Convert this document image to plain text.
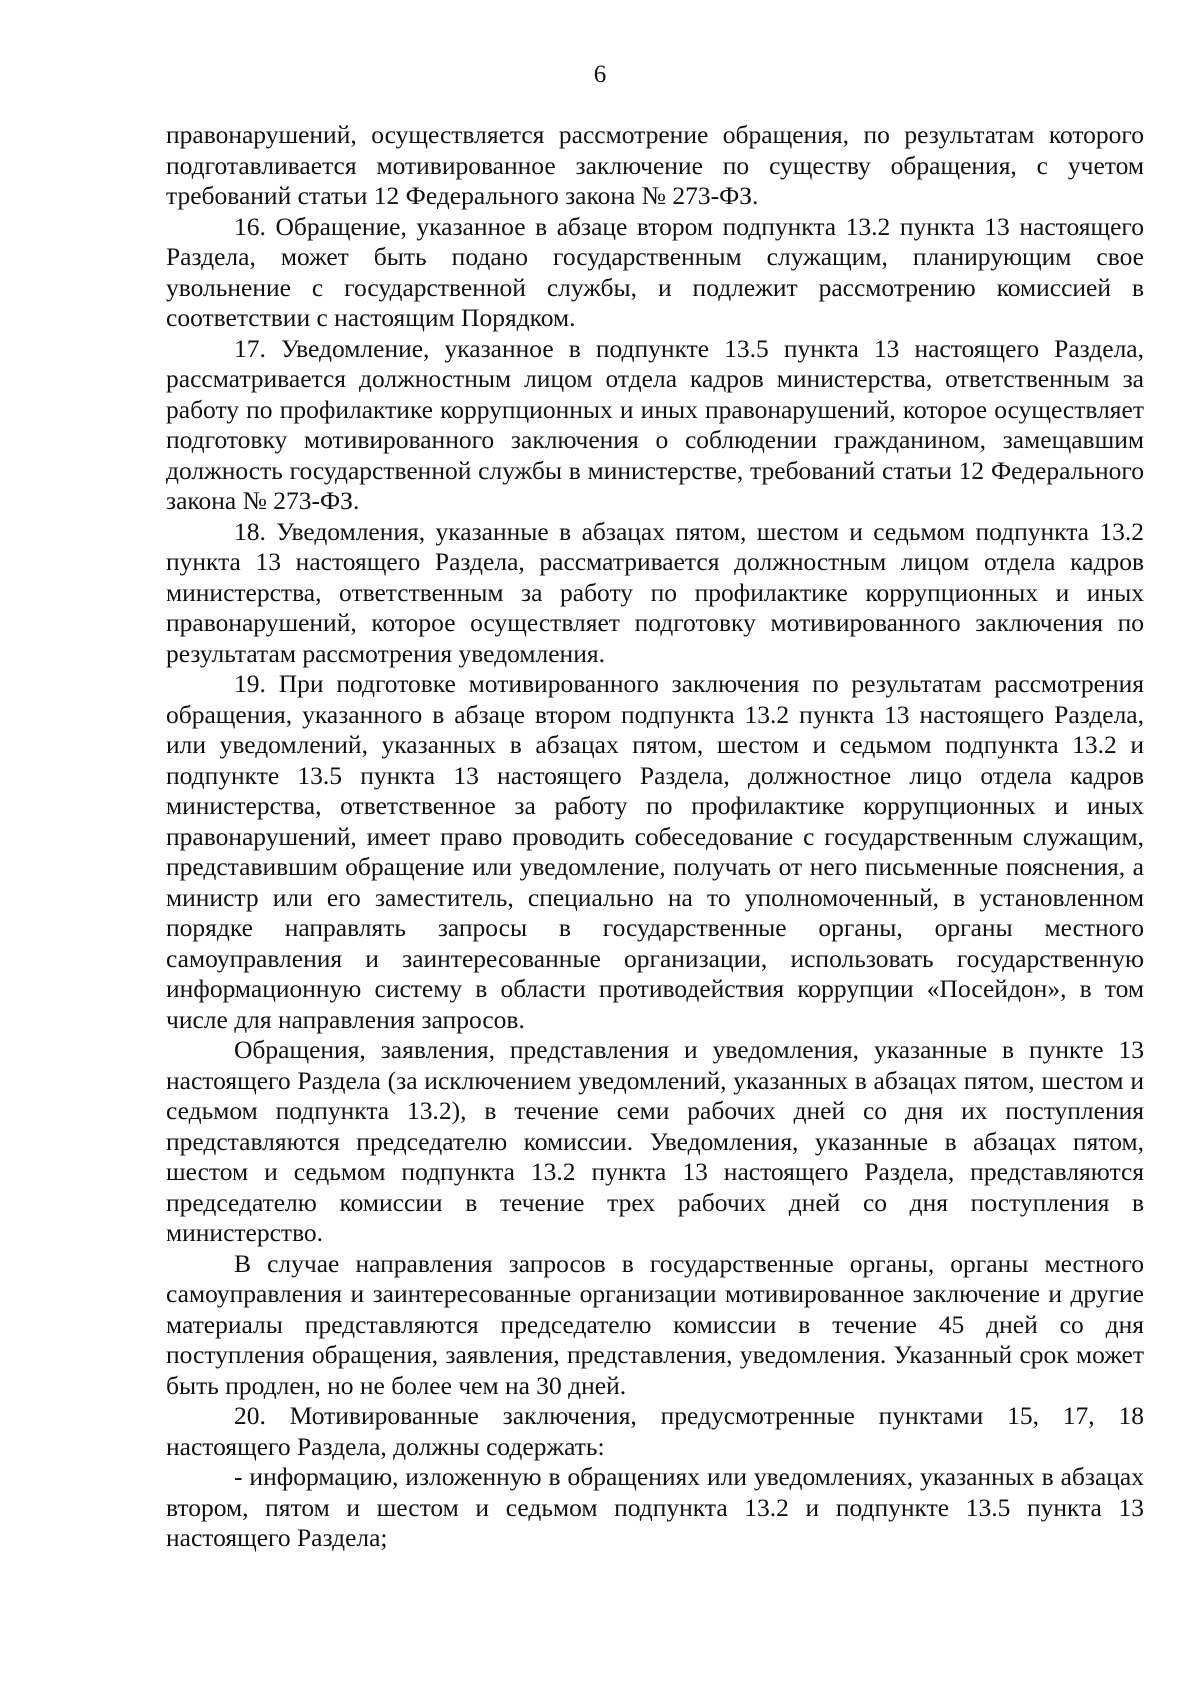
6

правонарушений, осуществляется рассмотрение обращения, по результатам которого подготавливается мотивированное заключение по существу обращения, с учетом требований статьи 12 Федерального закона № 273-ФЗ.

16. Обращение, указанное в абзаце втором подпункта 13.2 пункта 13 настоящего Раздела, может быть подано государственным служащим, планирующим свое увольнение с государственной службы, и подлежит рассмотрению комиссией в соответствии с настоящим Порядком.

17. Уведомление, указанное в подпункте 13.5 пункта 13 настоящего Раздела, рассматривается должностным лицом отдела кадров министерства, ответственным за работу по профилактике коррупционных и иных правонарушений, которое осуществляет подготовку мотивированного заключения о соблюдении гражданином, замещавшим должность государственной службы в министерстве, требований статьи 12 Федерального закона № 273-ФЗ.

18. Уведомления, указанные в абзацах пятом, шестом и седьмом подпункта 13.2 пункта 13 настоящего Раздела, рассматривается должностным лицом отдела кадров министерства, ответственным за работу по профилактике коррупционных и иных правонарушений, которое осуществляет подготовку мотивированного заключения по результатам рассмотрения уведомления.

19. При подготовке мотивированного заключения по результатам рассмотрения обращения, указанного в абзаце втором подпункта 13.2 пункта 13 настоящего Раздела, или уведомлений, указанных в абзацах пятом, шестом и седьмом подпункта 13.2 и подпункте 13.5 пункта 13 настоящего Раздела, должностное лицо отдела кадров министерства, ответственное за работу по профилактике коррупционных и иных правонарушений, имеет право проводить собеседование с государственным служащим, представившим обращение или уведомление, получать от него письменные пояснения, а министр или его заместитель, специально на то уполномоченный, в установленном порядке направлять запросы в государственные органы, органы местного самоуправления и заинтересованные организации, использовать государственную информационную систему в области противодействия коррупции «Посейдон», в том числе для направления запросов.

Обращения, заявления, представления и уведомления, указанные в пункте 13 настоящего Раздела (за исключением уведомлений, указанных в абзацах пятом, шестом и седьмом подпункта 13.2), в течение семи рабочих дней со дня их поступления представляются председателю комиссии. Уведомления, указанные в абзацах пятом, шестом и седьмом подпункта 13.2 пункта 13 настоящего Раздела, представляются председателю комиссии в течение трех рабочих дней со дня поступления в министерство.

В случае направления запросов в государственные органы, органы местного самоуправления и заинтересованные организации мотивированное заключение и другие материалы представляются председателю комиссии в течение 45 дней со дня поступления обращения, заявления, представления, уведомления. Указанный срок может быть продлен, но не более чем на 30 дней.

20. Мотивированные заключения, предусмотренные пунктами 15, 17, 18 настоящего Раздела, должны содержать:

- информацию, изложенную в обращениях или уведомлениях, указанных в абзацах втором, пятом и шестом и седьмом подпункта 13.2 и подпункте 13.5 пункта 13 настоящего Раздела;
